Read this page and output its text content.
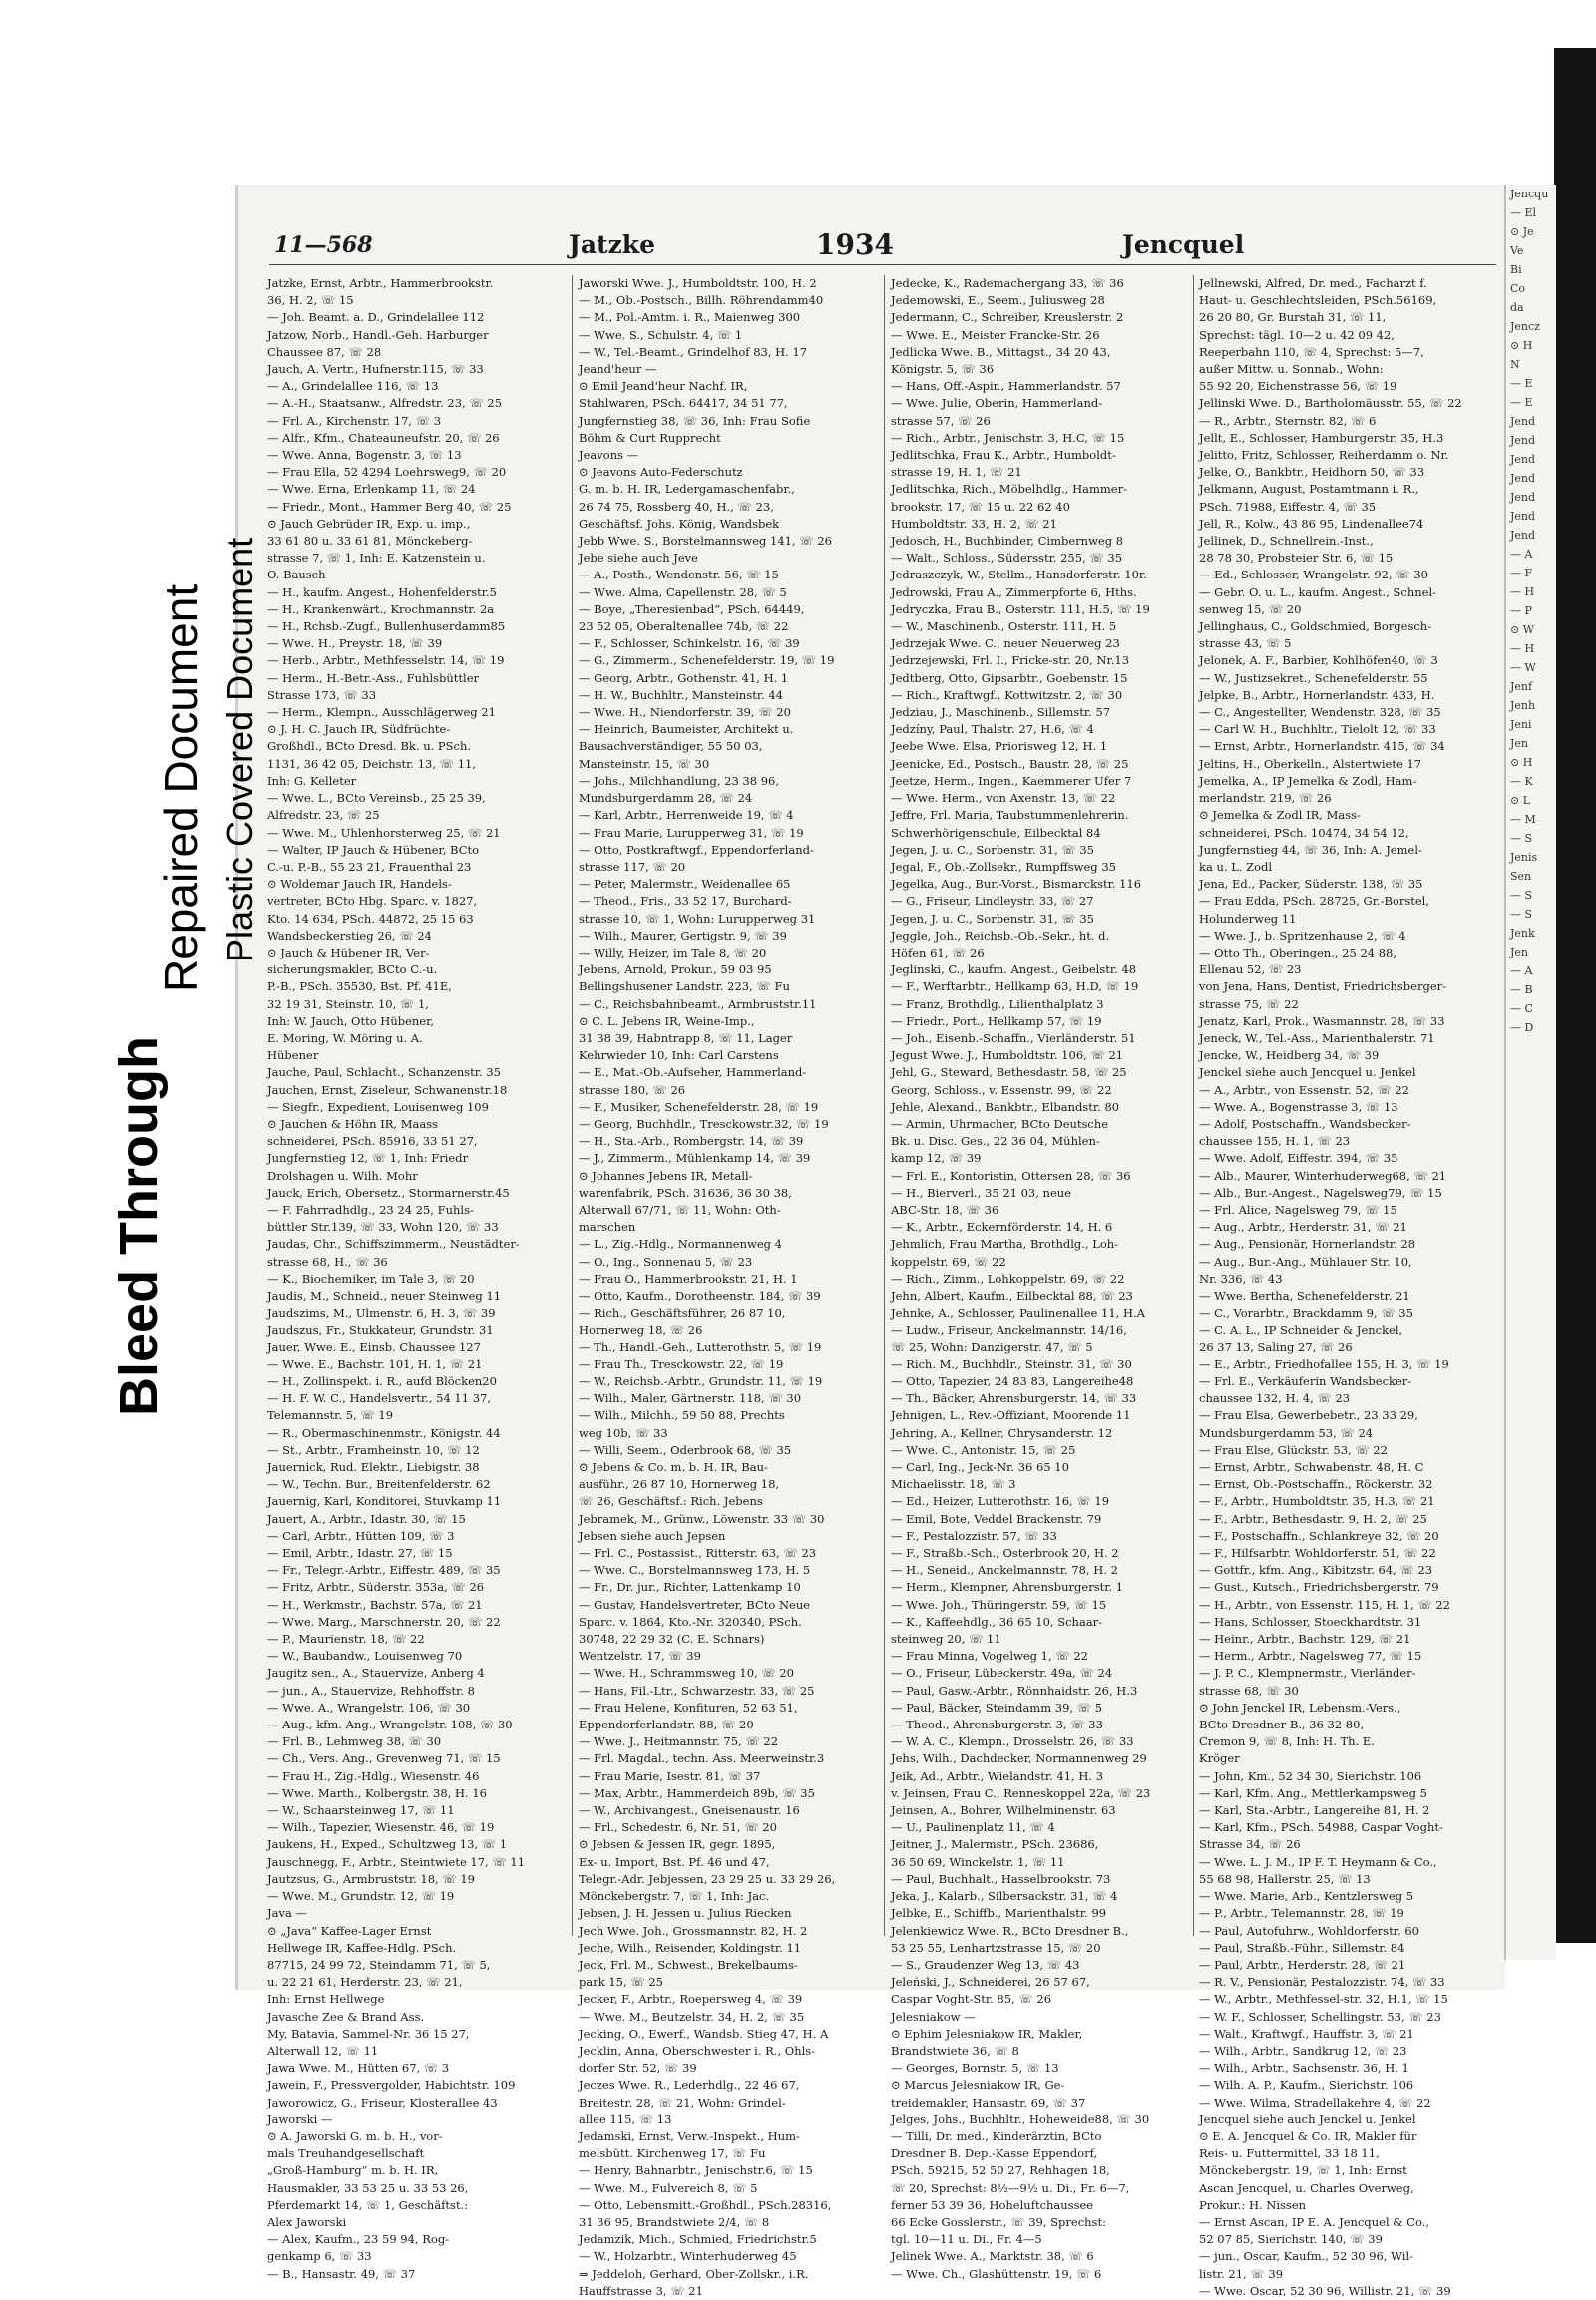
Jencqu
— El
⊙ Je
Ve
Bi
Co
da
Jencz
⊙ H
N
— E
— E
Jend
Jend
Jend
Jend
Jend
Jend
Jend
— A
— F
— H
— P
⊙ W
— H
— W
Jenf
Jenh
Jeni
Jen
⊙ H
— K
⊙ L
— M
— S
Jenis
Sen
— S
— S
Jenk
Jen
— A
— B
— C
— D
Bleed Through
Repaired Document Plastic Covered Document
11—568	Jatzke	1934	Jencquel
Jatzke, Ernst, Arbtr., Hammerbrookstr.
36, H. 2, ☏ 15
— Joh. Beamt. a. D., Grindelallee 112
Jatzow, Norb., Handl.-Geh. Harburger
Chaussee 87, ☏ 28
Jauch, A. Vertr., Hufnerstr.115, ☏ 33
— A., Grindelallee 116, ☏ 13
— A.-H., Staatsanw., Alfredstr. 23, ☏ 25
— Frl. A., Kirchenstr. 17, ☏ 3
— Alfr., Kfm., Chateauneufstr. 20, ☏ 26
— Wwe. Anna, Bogenstr. 3, ☏ 13
— Frau Ella, 52 4294 Loehrsweg9, ☏ 20
— Wwe. Erna, Erlenkamp 11, ☏ 24
— Friedr., Mont., Hammer Berg 40, ☏ 25
⊙ Jauch Gebrüder IR, Exp. u. imp.,
33 61 80 u. 33 61 81, Mönckeberg-
strasse 7, ☏ 1, Inh: E. Katzenstein u.
O. Bausch
— H., kaufm. Angest., Hohenfelderstr.5
— H., Krankenwärt., Krochmannstr. 2a
— H., Rchsb.-Zugf., Bullenhuserdamm85
— Wwe. H., Preystr. 18, ☏ 39
— Herb., Arbtr., Methfesselstr. 14, ☏ 19
— Herm., H.-Betr.-Ass., Fuhlsbüttler
Strasse 173, ☏ 33
— Herm., Klempn., Ausschlägerweg 21
⊙ J. H. C. Jauch IR, Südfrüchte-
Großhdl., BCto Dresd. Bk. u. PSch.
1131, 36 42 05, Deichstr. 13, ☏ 11,
Inh: G. Kelleter
— Wwe. L., BCto Vereinsb., 25 25 39,
Alfredstr. 23, ☏ 25
— Wwe. M., Uhlenhorsterweg 25, ☏ 21
— Walter, IP Jauch & Hübener, BCto
C.-u. P.-B., 55 23 21, Frauenthal 23
⊙ Woldemar Jauch IR, Handels-
vertreter, BCto Hbg. Sparc. v. 1827,
Kto. 14 634, PSch. 44872, 25 15 63
Wandsbeckerstieg 26, ☏ 24
⊙ Jauch & Hübener IR, Ver-
sicherungsmakler, BCto C.-u.
P.-B., PSch. 35530, Bst. Pf. 41E,
32 19 31, Steinstr. 10, ☏ 1,
Inh: W. Jauch, Otto Hübener,
E. Moring, W. Möring u. A.
Hübener
Jauche, Paul, Schlacht., Schanzenstr. 35
Jauchen, Ernst, Ziseleur, Schwanenstr.18
— Siegfr., Expedient, Louisenweg 109
⊙ Jauchen & Höhn IR, Maass
schneiderei, PSch. 85916, 33 51 27,
Jungfernstieg 12, ☏ 1, Inh: Friedr
Drolshagen u. Wilh. Mohr
Jauck, Erich, Obersetz., Stormarnerstr.45
— F. Fahrradhdlg., 23 24 25, Fuhls-
büttler Str.139, ☏ 33, Wohn 120, ☏ 33
Jaudas, Chr., Schiffszimmerm., Neustädter-
strasse 68, H., ☏ 36
— K., Biochemiker, im Tale 3, ☏ 20
Jaudis, M., Schneid., neuer Steinweg 11
Jaudszims, M., Ulmenstr. 6, H. 3, ☏ 39
Jaudszus, Fr., Stukkateur, Grundstr. 31
Jauer, Wwe. E., Einsb. Chaussee 127
— Wwe. E., Bachstr. 101, H. 1, ☏ 21
— H., Zollinspekt. i. R., aufd Blöcken20
— H. F. W. C., Handelsvertr., 54 11 37,
Telemannstr. 5, ☏ 19
— R., Obermaschinenmstr., Königstr. 44
— St., Arbtr., Framheinstr. 10, ☏ 12
Jauernick, Rud. Elektr., Liebigstr. 38
— W., Techn. Bur., Breitenfelderstr. 62
Jauernig, Karl, Konditorei, Stuvkamp 11
Jauert, A., Arbtr., Idastr. 30, ☏ 15
— Carl, Arbtr., Hütten 109, ☏ 3
— Emil, Arbtr., Idastr. 27, ☏ 15
— Fr., Telegr.-Arbtr., Eiffestr. 489, ☏ 35
— Fritz, Arbtr., Süderstr. 353a, ☏ 26
— H., Werkmstr., Bachstr. 57a, ☏ 21
— Wwe. Marg., Marschnerstr. 20, ☏ 22
— P., Maurienstr. 18, ☏ 22
— W., Baubandw., Louisenweg 70
Jaugitz sen., A., Stauervize, Anberg 4
— jun., A., Stauervize, Rehhoffstr. 8
— Wwe. A., Wrangelstr. 106, ☏ 30
— Aug., kfm. Ang., Wrangelstr. 108, ☏ 30
— Frl. B., Lehmweg 38, ☏ 30
— Ch., Vers. Ang., Grevenweg 71, ☏ 15
— Frau H., Zig.-Hdlg., Wiesenstr. 46
— Wwe. Marth., Kolbergstr. 38, H. 16
— W., Schaarsteinweg 17, ☏ 11
— Wilh., Tapezier, Wiesenstr. 46, ☏ 19
Jaukens, H., Exped., Schultzweg 13, ☏ 1
Jauschnegg, F., Arbtr., Steintwiete 17, ☏ 11
Jautzsus, G., Armbruststr. 18, ☏ 19
— Wwe. M., Grundstr. 12, ☏ 19
Java —
⊙ „Java“ Kaffee-Lager Ernst
Hellwege IR, Kaffee-Hdlg. PSch.
87715, 24 99 72, Steindamm 71, ☏ 5,
u. 22 21 61, Herderstr. 23, ☏ 21,
Inh: Ernst Hellwege
Javasche Zee & Brand Ass.
My, Batavia, Sammel-Nr. 36 15 27,
Alterwall 12, ☏ 11
Jawa Wwe. M., Hütten 67, ☏ 3
Jawein, F., Pressvergolder, Habichtstr. 109
Jaworowicz, G., Friseur, Klosterallee 43
Jaworski —
⊙ A. Jaworski G. m. b. H., vor-
mals Treuhandgesellschaft
„Groß-Hamburg“ m. b. H. IR,
Hausmakler, 33 53 25 u. 33 53 26,
Pferdemarkt 14, ☏ 1, Geschäftst.:
Alex Jaworski
— Alex, Kaufm., 23 59 94, Rog-
genkamp 6, ☏ 33
— B., Hansastr. 49, ☏ 37
Jaworski Wwe. J., Humboldtstr. 100, H. 2
— M., Ob.-Postsch., Billh. Röhrendamm40
— M., Pol.-Amtm. i. R., Maienweg 300
— Wwe. S., Schulstr. 4, ☏ 1
— W., Tel.-Beamt., Grindelhof 83, H. 17
Jeand'heur —
⊙ Emil Jeand'heur Nachf. IR,
Stahlwaren, PSch. 64417, 34 51 77,
Jungfernstieg 38, ☏ 36, Inh: Frau Sofie
Böhm & Curt Rupprecht
Jeavons —
⊙ Jeavons Auto-Federschutz
G. m. b. H. IR, Ledergamaschenfabr.,
26 74 75, Rossberg 40, H., ☏ 23,
Geschäftsf. Johs. König, Wandsbek
Jebb Wwe. S., Borstelmannsweg 141, ☏ 26
Jebe siehe auch Jeve
— A., Posth., Wendenstr. 56, ☏ 15
— Wwe. Alma, Capellenstr. 28, ☏ 5
— Boye, „Theresienbad“, PSch. 64449,
23 52 05, Oberaltenallee 74b, ☏ 22
— F., Schlosser, Schinkelstr. 16, ☏ 39
— G., Zimmerm., Schenefelderstr. 19, ☏ 19
— Georg, Arbtr., Gothenstr. 41, H. 1
— H. W., Buchhltr., Mansteinstr. 44
— Wwe. H., Niendorferstr. 39, ☏ 20
— Heinrich, Baumeister, Architekt u.
Bausachverständiger, 55 50 03,
Mansteinstr. 15, ☏ 30
— Johs., Milchhandlung, 23 38 96,
Mundsburgerdamm 28, ☏ 24
— Karl, Arbtr., Herrenweide 19, ☏ 4
— Frau Marie, Lurupperweg 31, ☏ 19
— Otto, Postkraftwgf., Eppendorferland-
strasse 117, ☏ 20
— Peter, Malermstr., Weidenallee 65
— Theod., Fris., 33 52 17, Burchard-
strasse 10, ☏ 1, Wohn: Lurupperweg 31
— Wilh., Maurer, Gertigstr. 9, ☏ 39
— Willy, Heizer, im Tale 8, ☏ 20
Jebens, Arnold, Prokur., 59 03 95
Bellingshusener Landstr. 223, ☏ Fu
— C., Reichsbahnbeamt., Armbruststr.11
⊙ C. L. Jebens IR, Weine-Imp.,
31 38 39, Habntrapp 8, ☏ 11, Lager
Kehrwieder 10, Inh: Carl Carstens
— E., Mat.-Ob.-Aufseher, Hammerland-
strasse 180, ☏ 26
— F., Musiker, Schenefelderstr. 28, ☏ 19
— Georg, Buchhdlr., Tresckowstr.32, ☏ 19
— H., Sta.-Arb., Rombergstr. 14, ☏ 39
— J., Zimmerm., Mühlenkamp 14, ☏ 39
⊙ Johannes Jebens IR, Metall-
warenfabrik, PSch. 31636, 36 30 38,
Alterwall 67/71, ☏ 11, Wohn: Oth-
marschen
— L., Zig.-Hdlg., Normannenweg 4
— O., Ing., Sonnenau 5, ☏ 23
— Frau O., Hammerbrookstr. 21, H. 1
— Otto, Kaufm., Dorotheenstr. 184, ☏ 39
— Rich., Geschäftsführer, 26 87 10,
Hornerweg 18, ☏ 26
— Th., Handl.-Geh., Lutterothstr. 5, ☏ 19
— Frau Th., Tresckowstr. 22, ☏ 19
— W., Reichsb.-Arbtr., Grundstr. 11, ☏ 19
— Wilh., Maler, Gärtnerstr. 118, ☏ 30
— Wilh., Milchh., 59 50 88, Prechts
weg 10b, ☏ 33
— Willi, Seem., Oderbrook 68, ☏ 35
⊙ Jebens & Co. m. b. H. IR, Bau-
ausführ., 26 87 10, Hornerweg 18,
☏ 26, Geschäftsf.: Rich. Jebens
Jebramek, M., Grünw., Löwenstr. 33 ☏ 30
Jebsen siehe auch Jepsen
— Frl. C., Postassist., Ritterstr. 63, ☏ 23
— Wwe. C., Borstelmannsweg 173, H. 5
— Fr., Dr. jur., Richter, Lattenkamp 10
— Gustav, Handelsvertreter, BCto Neue
Sparc. v. 1864, Kto.-Nr. 320340, PSch.
30748, 22 29 32 (C. E. Schnars)
Wentzelstr. 17, ☏ 39
— Wwe. H., Schrammsweg 10, ☏ 20
— Hans, Fil.-Ltr., Schwarzestr. 33, ☏ 25
— Frau Helene, Konfituren, 52 63 51,
Eppendorferlandstr. 88, ☏ 20
— Wwe. J., Heitmannstr. 75, ☏ 22
— Frl. Magdal., techn. Ass. Meerweinstr.3
— Frau Marie, Isestr. 81, ☏ 37
— Max, Arbtr., Hammerdeich 89b, ☏ 35
— W., Archivangest., Gneisenaustr. 16
— Frl., Schedestr. 6, Nr. 51, ☏ 20
⊙ Jebsen & Jessen IR, gegr. 1895,
Ex- u. Import, Bst. Pf. 46 und 47,
Telegr.-Adr. Jebjessen, 23 29 25 u. 33 29 26,
Mönckebergstr. 7, ☏ 1, Inh: Jac.
Jebsen, J. H. Jessen u. Julius Riecken
Jech Wwe. Joh., Grossmannstr. 82, H. 2
Jeche, Wilh., Reisender, Koldingstr. 11
Jeck, Frl. M., Schwest., Brekelbaums-
park 15, ☏ 25
Jecker, F., Arbtr., Roepersweg 4, ☏ 39
— Wwe. M., Beutzelstr. 34, H. 2, ☏ 35
Jecking, O., Ewerf., Wandsb. Stieg 47, H. A
Jecklin, Anna, Oberschwester i. R., Ohls-
dorfer Str. 52, ☏ 39
Jeczes Wwe. R., Lederhdlg., 22 46 67,
Breitestr. 28, ☏ 21, Wohn: Grindel-
allee 115, ☏ 13
Jedamski, Ernst, Verw.-Inspekt., Hum-
melsbütt. Kirchenweg 17, ☏ Fu
— Henry, Bahnarbtr., Jenischstr.6, ☏ 15
— Wwe. M., Fulvereich 8, ☏ 5
— Otto, Lebensmitt.-Großhdl., PSch.28316,
31 36 95, Brandstwiete 2/4, ☏ 8
Jedamzik, Mich., Schmied, Friedrichstr.5
— W., Holzarbtr., Winterhuderweg 45
⇒ Jeddeloh, Gerhard, Ober-Zollskr., i.R.
Hauffstrasse 3, ☏ 21
Jedecke, K., Rademachergang 33, ☏ 36
Jedemowski, E., Seem., Juliusweg 28
Jedermann, C., Schreiber, Kreuslerstr. 2
— Wwe. E., Meister Francke-Str. 26
Jedlicka Wwe. B., Mittagst., 34 20 43,
Königstr. 5, ☏ 36
— Hans, Off.-Aspir., Hammerlandstr. 57
— Wwe. Julie, Oberin, Hammerland-
strasse 57, ☏ 26
— Rich., Arbtr., Jenischstr. 3, H.C, ☏ 15
Jedlitschka, Frau K., Arbtr., Humboldt-
strasse 19, H. 1, ☏ 21
Jedlitschka, Rich., Möbelhdlg., Hammer-
brookstr. 17, ☏ 15 u. 22 62 40
Humboldtstr. 33, H. 2, ☏ 21
Jedosch, H., Buchbinder, Cimbernweg 8
— Walt., Schloss., Südersstr. 255, ☏ 35
Jedraszczyk, W., Stellm., Hansdorferstr. 10r.
Jedrowski, Frau A., Zimmerpforte 6, Hths.
Jedryczka, Frau B., Osterstr. 111, H.5, ☏ 19
— W., Maschinenb., Osterstr. 111, H. 5
Jedrzejak Wwe. C., neuer Neuerweg 23
Jedrzejewski, Frl. I., Fricke-str. 20, Nr.13
Jedtberg, Otto, Gipsarbtr., Goebenstr. 15
— Rich., Kraftwgf., Kottwitzstr. 2, ☏ 30
Jedziau, J., Maschinenb., Sillemstr. 57
Jedzíny, Paul, Thalstr. 27, H.6, ☏ 4
Jeebe Wwe. Elsa, Priorisweg 12, H. 1
Jeenicke, Ed., Postsch., Baustr. 28, ☏ 25
Jeetze, Herm., Ingen., Kaemmerer Ufer 7
— Wwe. Herm., von Axenstr. 13, ☏ 22
Jeffre, Frl. Maria, Taubstummenlehrerin.
Schwerhörigenschule, Eilbecktal 84
Jegen, J. u. C., Sorbenstr. 31, ☏ 35
Jegal, F., Ob.-Zollsekr., Rumpffsweg 35
Jegelka, Aug., Bur.-Vorst., Bismarckstr. 116
— G., Friseur, Lindleystr. 33, ☏ 27
Jegen, J. u. C., Sorbenstr. 31, ☏ 35
Jeggle, Joh., Reichsb.-Ob.-Sekr., ht. d.
Höfen 61, ☏ 26
Jeglinski, C., kaufm. Angest., Geibelstr. 48
— F., Werftarbtr., Hellkamp 63, H.D, ☏ 19
— Franz, Brothdlg., Lilienthalplatz 3
— Friedr., Port., Hellkamp 57, ☏ 19
— Joh., Eisenb.-Schaffn., Vierländerstr. 51
Jegust Wwe. J., Humboldtstr. 106, ☏ 21
Jehl, G., Steward, Bethesdastr. 58, ☏ 25
Georg, Schloss., v. Essenstr. 99, ☏ 22
Jehle, Alexand., Bankbtr., Elbandstr. 80
— Armin, Uhrmacher, BCto Deutsche
Bk. u. Disc. Ges., 22 36 04, Mühlen-
kamp 12, ☏ 39
— Frl. E., Kontoristin, Ottersen 28, ☏ 36
— H., Bierverl., 35 21 03, neue
ABC-Str. 18, ☏ 36
— K., Arbtr., Eckernförderstr. 14, H. 6
Jehmlich, Frau Martha, Brothdlg., Loh-
koppelstr. 69, ☏ 22
— Rich., Zimm., Lohkoppelstr. 69, ☏ 22
Jehn, Albert, Kaufm., Eilbecktal 88, ☏ 23
Jehnke, A., Schlosser, Paulinenallee 11, H.A
— Ludw., Friseur, Anckelmannstr. 14/16,
☏ 25, Wohn: Danzigerstr. 47, ☏ 5
— Rich. M., Buchhdlr., Steinstr. 31, ☏ 30
— Otto, Tapezier, 24 83 83, Langereihe48
— Th., Bäcker, Ahrensburgerstr. 14, ☏ 33
Jehnigen, L., Rev.-Offiziant, Moorende 11
Jehring, A., Kellner, Chrysanderstr. 12
— Wwe. C., Antonistr. 15, ☏ 25
— Carl, Ing., Jeck-Nr. 36 65 10
Michaelisstr. 18, ☏ 3
— Ed., Heizer, Lutterothstr. 16, ☏ 19
— Emil, Bote, Veddel Brackenstr. 79
— F., Pestalozzistr. 57, ☏ 33
— F., Straßb.-Sch., Osterbrook 20, H. 2
— H., Seneid., Anckelmannstr. 78, H. 2
— Herm., Klempner, Ahrensburgerstr. 1
— Wwe. Joh., Thüringerstr. 59, ☏ 15
— K., Kaffeehdlg., 36 65 10, Schaar-
steinweg 20, ☏ 11
— Frau Minna, Vogelweg 1, ☏ 22
— O., Friseur, Lübeckerstr. 49a, ☏ 24
— Paul, Gasw.-Arbtr., Rönnhaidstr. 26, H.3
— Paul, Bäcker, Steindamm 39, ☏ 5
— Theod., Ahrensburgerstr. 3, ☏ 33
— W. A. C., Klempn., Drosselstr. 26, ☏ 33
Jehs, Wilh., Dachdecker, Normannenweg 29
Jeik, Ad., Arbtr., Wielandstr. 41, H. 3
v. Jeinsen, Frau C., Renneskoppel 22a, ☏ 23
Jeinsen, A., Bohrer, Wilhelminenstr. 63
— U., Paulinenplatz 11, ☏ 4
Jeitner, J., Malermstr., PSch. 23686,
36 50 69, Winckelstr. 1, ☏ 11
— Paul, Buchhalt., Hasselbrookstr. 73
Jeka, J., Kalarb., Silbersackstr. 31, ☏ 4
Jelbke, E., Schiffb., Marienthalstr. 99
Jelenkiewicz Wwe. R., BCto Dresdner B.,
53 25 55, Lenhartzstrasse 15, ☏ 20
— S., Graudenzer Weg 13, ☏ 43
Jeleński, J., Schneiderei, 26 57 67,
Caspar Voght-Str. 85, ☏ 26
Jelesniakow —
⊙ Ephim Jelesniakow IR, Makler,
Brandstwiete 36, ☏ 8
— Georges, Bornstr. 5, ☏ 13
⊙ Marcus Jelesniakow IR, Ge-
treidemakler, Hansastr. 69, ☏ 37
Jelges, Johs., Buchhltr., Hoheweide88, ☏ 30
— Tilli, Dr. med., Kinderärztin, BCto
Dresdner B. Dep.-Kasse Eppendorf,
PSch. 59215, 52 50 27, Rehhagen 18,
☏ 20, Sprechst: 8½—9½ u. Di., Fr. 6—7,
ferner 53 39 36, Hoheluftchaussee
66 Ecke Gosslerstr., ☏ 39, Sprechst:
tgl. 10—11 u. Di., Fr. 4—5
Jelinek Wwe. A., Marktstr. 38, ☏ 6
— Wwe. Ch., Glashüttenstr. 19, ☏ 6
Jellnewski, Alfred, Dr. med., Facharzt f.
Haut- u. Geschlechtsleiden, PSch.56169,
26 20 80, Gr. Burstah 31, ☏ 11,
Sprechst: tägl. 10—2 u. 42 09 42,
Reeperbahn 110, ☏ 4, Sprechst: 5—7,
außer Mittw. u. Sonnab., Wohn:
55 92 20, Eichenstrasse 56, ☏ 19
Jellinski Wwe. D., Bartholomäusstr. 55, ☏ 22
— R., Arbtr., Sternstr. 82, ☏ 6
Jellt, E., Schlosser, Hamburgerstr. 35, H.3
Jelitto, Fritz, Schlosser, Reiherdamm o. Nr.
Jelke, O., Bankbtr., Heidhorn 50, ☏ 33
Jelkmann, August, Postamtmann i. R.,
PSch. 71988, Eiffestr. 4, ☏ 35
Jell, R., Kolw., 43 86 95, Lindenallee74
Jellinek, D., Schnellrein.-Inst.,
28 78 30, Probsteier Str. 6, ☏ 15
— Ed., Schlosser, Wrangelstr. 92, ☏ 30
— Gebr. O. u. L., kaufm. Angest., Schnel-
senweg 15, ☏ 20
Jellinghaus, C., Goldschmied, Borgesch-
strasse 43, ☏ 5
Jelonek, A. F., Barbier, Kohlhöfen40, ☏ 3
— W., Justizsekret., Schenefelderstr. 55
Jelpke, B., Arbtr., Hornerlandstr. 433, H.
— C., Angestellter, Wendenstr. 328, ☏ 35
— Carl W. H., Buchhltr., Tielolt 12, ☏ 33
— Ernst, Arbtr., Hornerlandstr. 415, ☏ 34
Jeltins, H., Oberkelln., Alstertwiete 17
Jemelka, A., IP Jemelka & Zodl, Ham-
merlandstr. 219, ☏ 26
⊙ Jemelka & Zodl IR, Mass-
schneiderei, PSch. 10474, 34 54 12,
Jungfernstieg 44, ☏ 36, Inh: A. Jemel-
ka u. L. Zodl
Jena, Ed., Packer, Süderstr. 138, ☏ 35
— Frau Edda, PSch. 28725, Gr.-Borstel,
Holunderweg 11
— Wwe. J., b. Spritzenhause 2, ☏ 4
— Otto Th., Oberingen., 25 24 88,
Ellenau 52, ☏ 23
von Jena, Hans, Dentist, Friedrichsberger-
strasse 75, ☏ 22
Jenatz, Karl, Prok., Wasmannstr. 28, ☏ 33
Jeneck, W., Tel.-Ass., Marienthalerstr. 71
Jencke, W., Heidberg 34, ☏ 39
Jenckel siehe auch Jencquel u. Jenkel
— A., Arbtr., von Essenstr. 52, ☏ 22
— Wwe. A., Bogenstrasse 3, ☏ 13
— Adolf, Postschaffn., Wandsbecker-
chaussee 155, H. 1, ☏ 23
— Wwe. Adolf, Eiffestr. 394, ☏ 35
— Alb., Maurer, Winterhuderweg68, ☏ 21
— Alb., Bur.-Angest., Nagelsweg79, ☏ 15
— Frl. Alice, Nagelsweg 79, ☏ 15
— Aug., Arbtr., Herderstr. 31, ☏ 21
— Aug., Pensionär, Hornerlandstr. 28
— Aug., Bur.-Ang., Mühlauer Str. 10,
Nr. 336, ☏ 43
— Wwe. Bertha, Schenefelderstr. 21
— C., Vorarbtr., Brackdamm 9, ☏ 35
— C. A. L., IP Schneider & Jenckel,
26 37 13, Saling 27, ☏ 26
— E., Arbtr., Friedhofallee 155, H. 3, ☏ 19
— Frl. E., Verkäuferin Wandsbecker-
chaussee 132, H. 4, ☏ 23
— Frau Elsa, Gewerbebetr., 23 33 29,
Mundsburgerdamm 53, ☏ 24
— Frau Else, Glückstr. 53, ☏ 22
— Ernst, Arbtr., Schwabenstr. 48, H. C
— Ernst, Ob.-Postschaffn., Röckerstr. 32
— F., Arbtr., Humboldtstr. 35, H.3, ☏ 21
— F., Arbtr., Bethesdastr. 9, H. 2, ☏ 25
— F., Postschaffn., Schlankreye 32, ☏ 20
— F., Hilfsarbtr. Wohldorferstr. 51, ☏ 22
— Gottfr., kfm. Ang., Kibitzstr. 64, ☏ 23
— Gust., Kutsch., Friedrichsbergerstr. 79
— H., Arbtr., von Essenstr. 115, H. 1, ☏ 22
— Hans, Schlosser, Stoeckhardtstr. 31
— Heinr., Arbtr., Bachstr. 129, ☏ 21
— Herm., Arbtr., Nagelsweg 77, ☏ 15
— J. P. C., Klempnermstr., Vierländer-
strasse 68, ☏ 30
⊙ John Jenckel IR, Lebensm.-Vers.,
BCto Dresdner B., 36 32 80,
Cremon 9, ☏ 8, Inh: H. Th. E.
Kröger
— John, Km., 52 34 30, Sierichstr. 106
— Karl, Kfm. Ang., Mettlerkampsweg 5
— Karl, Sta.-Arbtr., Langereihe 81, H. 2
— Karl, Kfm., PSch. 54988, Caspar Voght-
Strasse 34, ☏ 26
— Wwe. L. J. M., IP F. T. Heymann & Co.,
55 68 98, Hallerstr. 25, ☏ 13
— Wwe. Marie, Arb., Kentzlersweg 5
— P., Arbtr., Telemannstr. 28, ☏ 19
— Paul, Autofuhrw., Wohldorferstr. 60
— Paul, Straßb.-Führ., Sillemstr. 84
— Paul, Arbtr., Herderstr. 28, ☏ 21
— R. V., Pensionär, Pestalozzistr. 74, ☏ 33
— W., Arbtr., Methfessel-str. 32, H.1, ☏ 15
— W. F., Schlosser, Schellingstr. 53, ☏ 23
— Walt., Kraftwgf., Hauffstr. 3, ☏ 21
— Wilh., Arbtr., Sandkrug 12, ☏ 23
— Wilh., Arbtr., Sachsenstr. 36, H. 1
— Wilh. A. P., Kaufm., Sierichstr. 106
— Wwe. Wilma, Stradellakehre 4, ☏ 22
Jencquel siehe auch Jenckel u. Jenkel
⊙ E. A. Jencquel & Co. IR, Makler für
Reis- u. Futtermittel, 33 18 11,
Mönckebergstr. 19, ☏ 1, Inh: Ernst
Ascan Jencquel, u. Charles Overweg,
Prokur.: H. Nissen
— Ernst Ascan, IP E. A. Jencquel & Co.,
52 07 85, Sierichstr. 140, ☏ 39
— jun., Oscar, Kaufm., 52 30 96, Wil-
listr. 21, ☏ 39
— Wwe. Oscar, 52 30 96, Willistr. 21, ☏ 39
